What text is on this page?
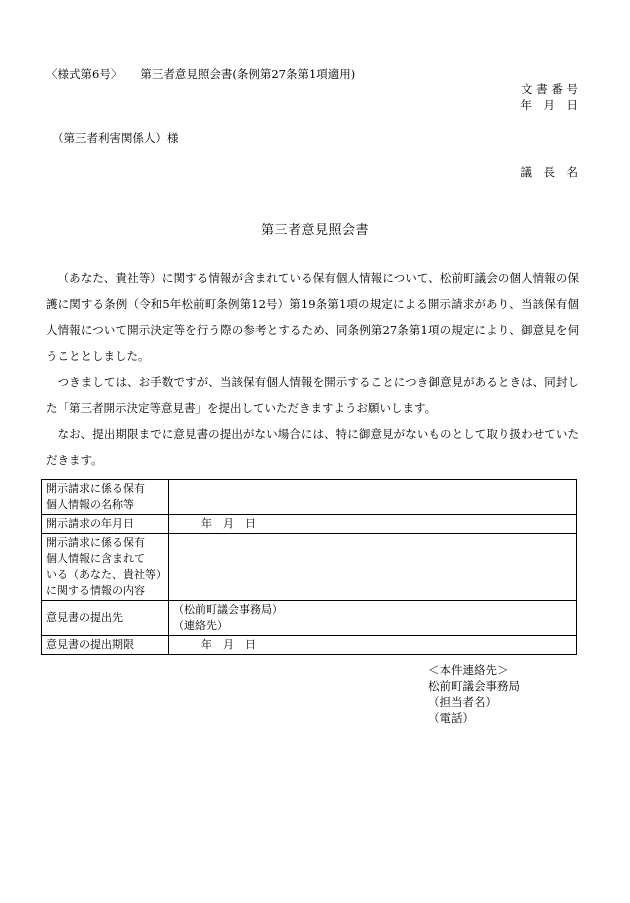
〈様式第6号〉 第三者意見照会書(条例第27条第1項適用)
文 書 番 号
年　月　日
（第三者利害関係人）様
議　長　名
第三者意見照会書

（あなた、貴社等）に関する情報が含まれている保有個人情報について、松前町議会の個人情報の保護に関する条例（令和5年松前町条例第12号）第19条第1項の規定による開示請求があり、当該保有個人情報について開示決定等を行う際の参考とするため、同条例第27条第1項の規定により、御意見を伺うこととしました。

つきましては、お手数ですが、当該保有個人情報を開示することにつき御意見があるときは、同封した「第三者開示決定等意見書」を提出していただきますようお願いします。

なお、提出期限までに意見書の提出がない場合には、特に御意見がないものとして取り扱わせていただきます。

開示請求に係る保有
個人情報の名称等	

開示請求の年月日	年　月　日

開示請求に係る保有
個人情報に含まれて
いる（あなた、貴社等）
に関する情報の内容	

意見書の提出先	（松前町議会事務局）
（連絡先）

意見書の提出期限	年　月　日
＜本件連絡先＞
松前町議会事務局
（担当者名）
（電話）
